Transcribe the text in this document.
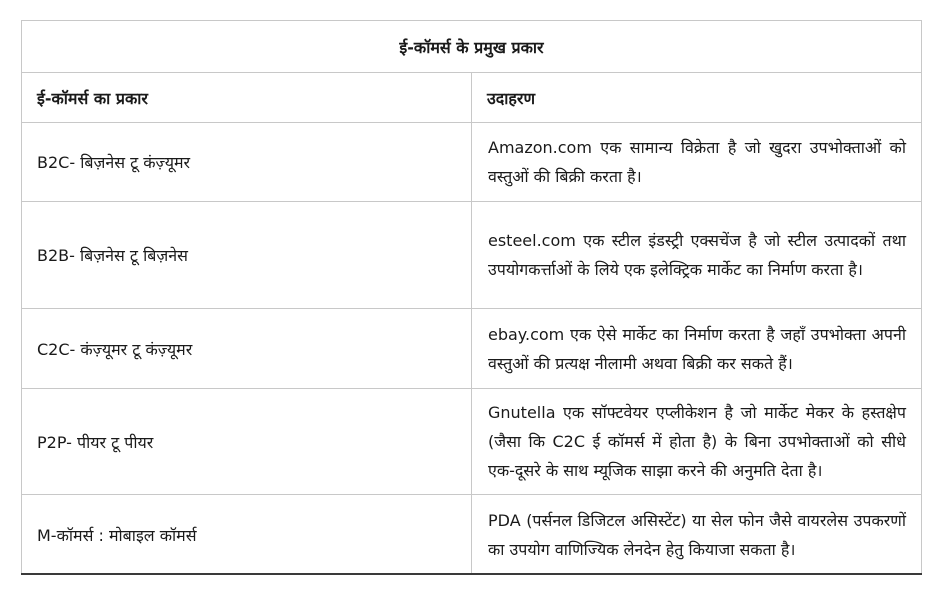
ई-कॉमर्स के प्रमुख प्रकार	
ई-कॉमर्स का प्रकार	उदाहरण
B2C- बिज़नेस टू कंज़्यूमर	Amazon.com एक सामान्य विक्रेता है जो खुदरा उपभोक्ताओं को वस्तुओं की बिक्री करता है।
B2B- बिज़नेस टू बिज़नेस	esteel.com एक स्टील इंडस्ट्री एक्सचेंज है जो स्टील उत्पादकों तथा उपयोगकर्त्ताओं के लिये एक इलेक्ट्रिक मार्केट का निर्माण करता है।
C2C- कंज़्यूमर टू कंज़्यूमर	ebay.com एक ऐसे मार्केट का निर्माण करता है जहाँ उपभोक्ता अपनी वस्तुओं की प्रत्यक्ष नीलामी अथवा बिक्री कर सकते हैं।
P2P- पीयर टू पीयर	Gnutella एक सॉफ्टवेयर एप्लीकेशन है जो मार्केट मेकर के हस्तक्षेप (जैसा कि C2C ई कॉमर्स में होता है) के बिना उपभोक्ताओं को सीधे एक-दूसरे के साथ म्यूजिक साझा करने की अनुमति देता है।
M-कॉमर्स : मोबाइल कॉमर्स	PDA (पर्सनल डिजिटल असिस्टेंट) या सेल फोन जैसे वायरलेस उपकरणों का उपयोग वाणिज्यिक लेनदेन हेतु कियाजा सकता है।
